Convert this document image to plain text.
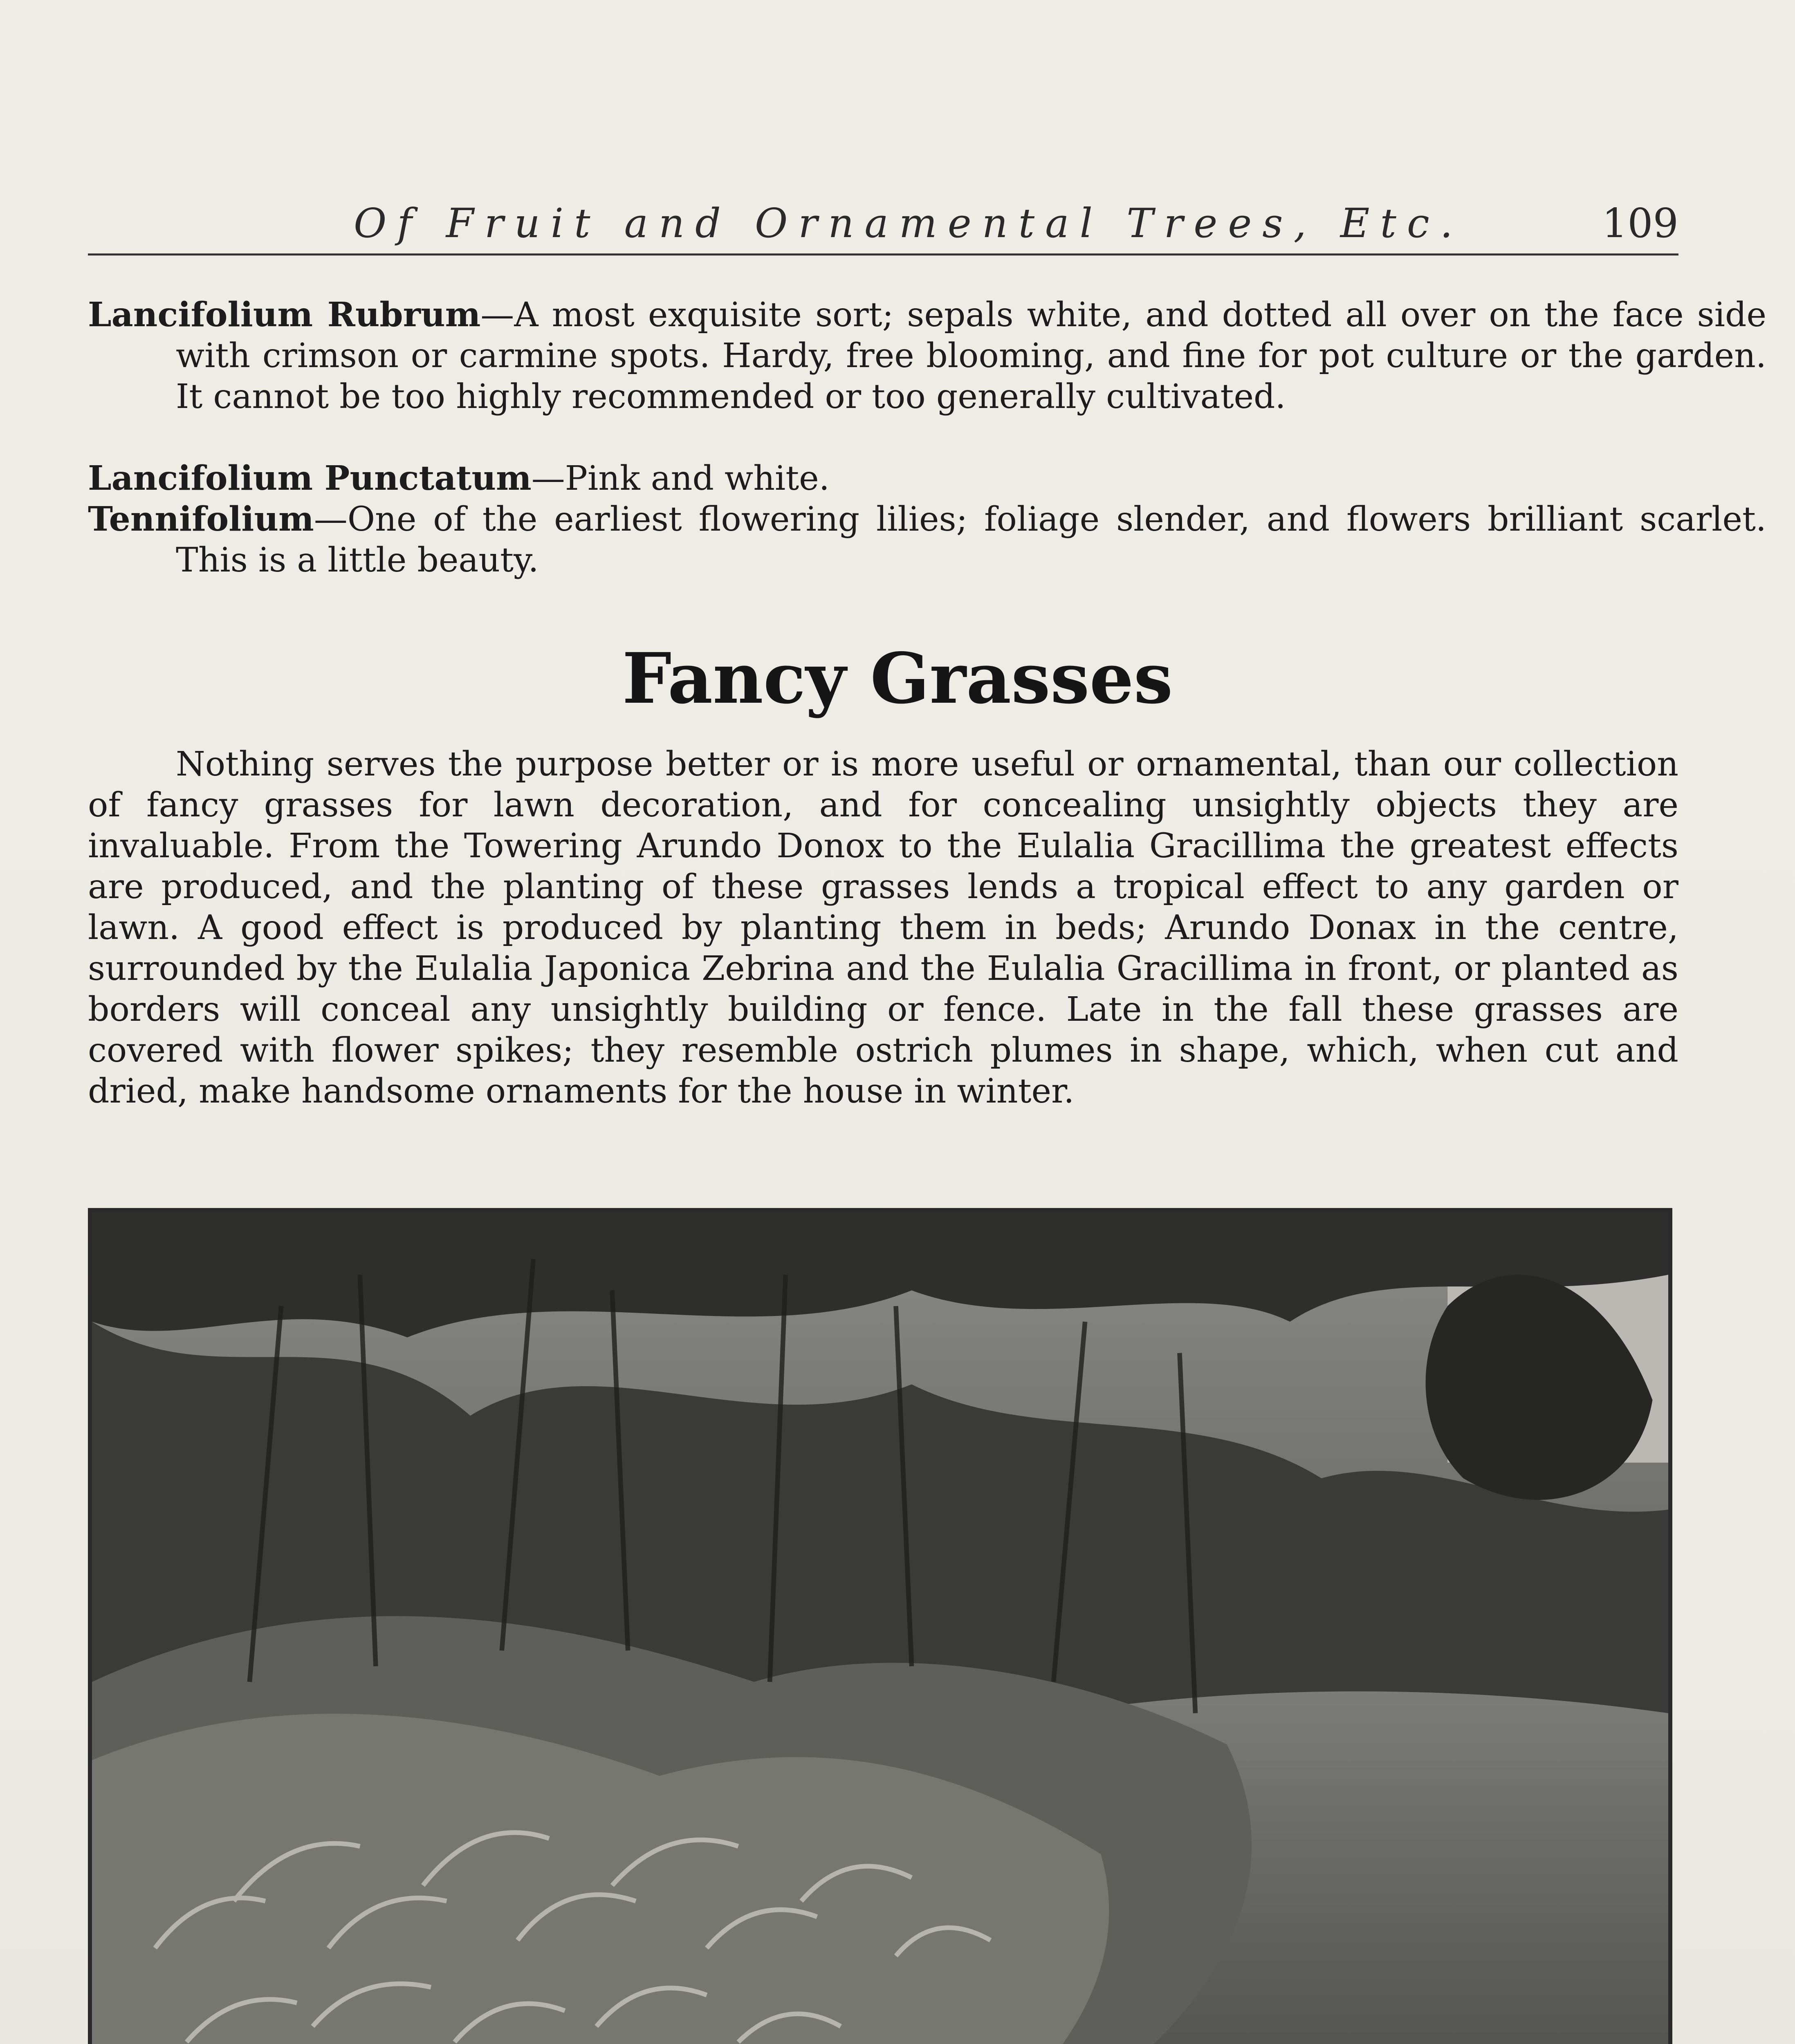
Of Fruit and Ornamental Trees, Etc.	109

Lancifolium Rubrum—A most exquisite sort; sepals white, and dotted all over on the face side with crimson or carmine spots. Hardy, free blooming, and fine for pot culture or the garden. It cannot be too highly recommended or too generally cultivated.

Lancifolium Punctatum—Pink and white.

Tennifolium—One of the earliest flowering lilies; foliage slender, and flowers brilliant scarlet. This is a little beauty.

Fancy Grasses

Nothing serves the purpose better or is more useful or ornamental, than our collection of fancy grasses for lawn decoration, and for concealing unsightly objects they are invaluable. From the Towering Arundo Donox to the Eulalia Gracillima the greatest effects are produced, and the planting of these grasses lends a tropical effect to any garden or lawn. A good effect is produced by planting them in beds; Arundo Donax in the centre, surrounded by the Eulalia Japonica Zebrina and the Eulalia Gracillima in front, or planted as borders will conceal any unsightly building or fence. Late in the fall these grasses are covered with flower spikes; they resemble ostrich plumes in shape, which, when cut and dried, make handsome ornaments for the house in winter.
